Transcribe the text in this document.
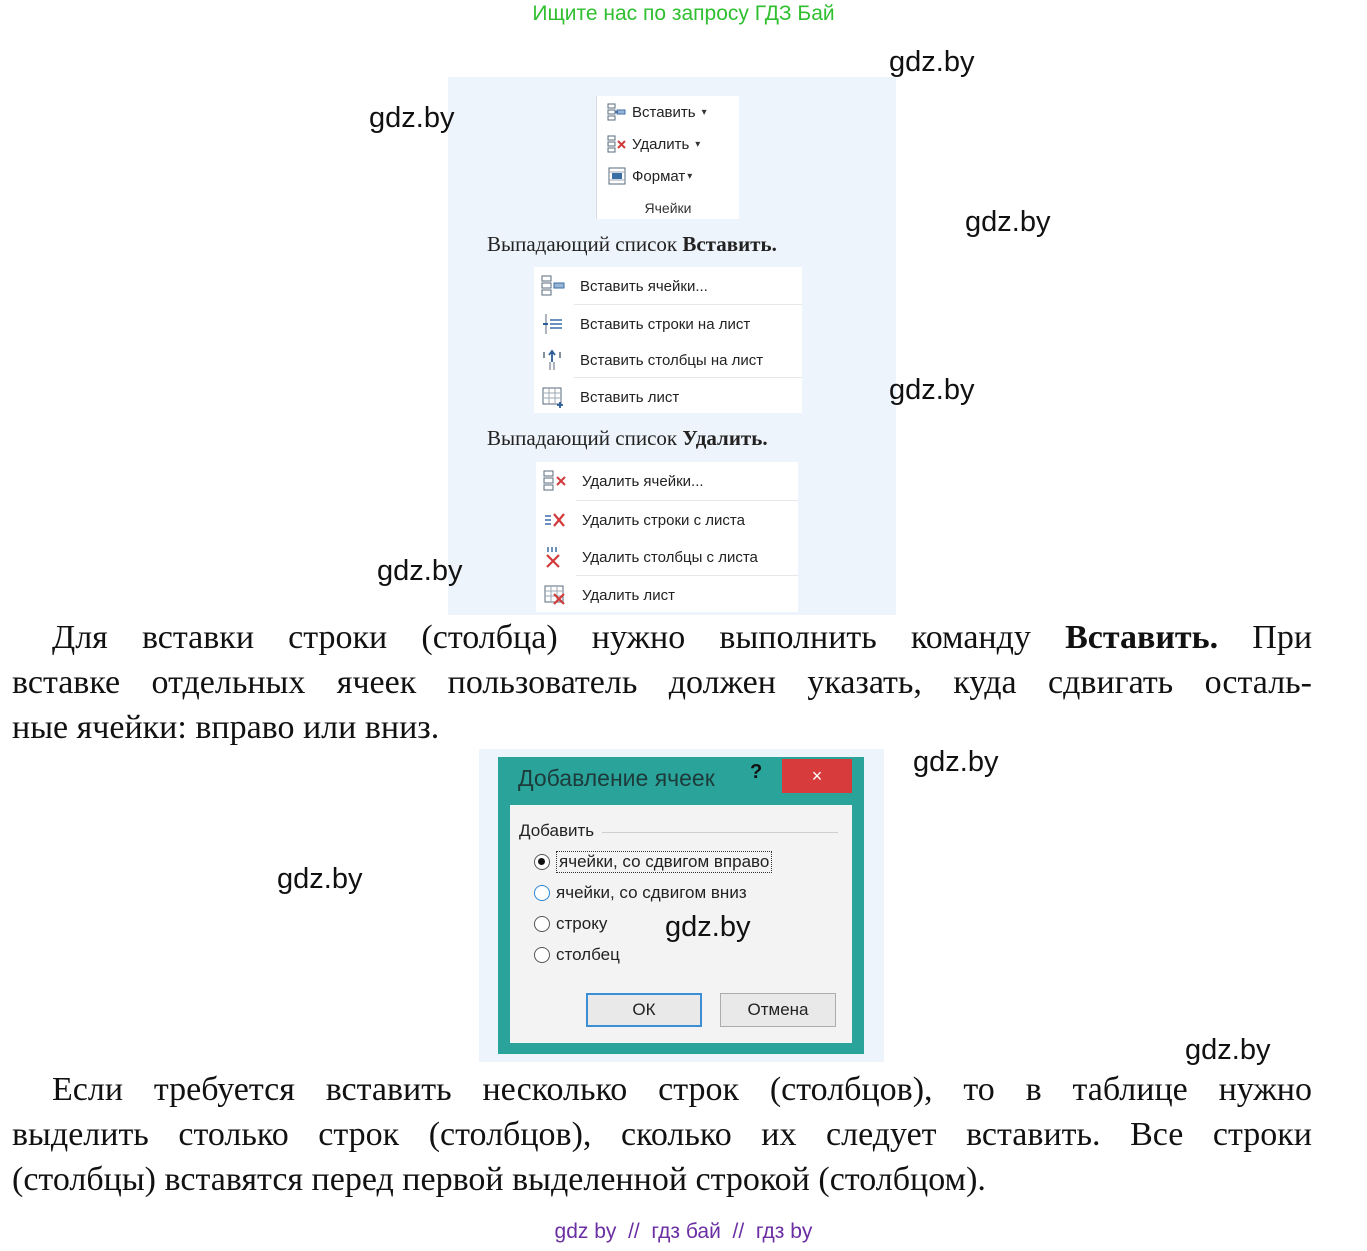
Ищите нас по запросу ГДЗ Бай
Вставить ▾
Удалить ▾
Формат ▾
Ячейки
Выпадающий список Вставить.
Вставить ячейки...
Вставить строки на лист
Вставить столбцы на лист
Вставить лист
Выпадающий список Удалить.
Удалить ячейки...
Удалить строки с листа
Удалить столбцы с листа
Удалить лист
Для вставки строки (столбца) нужно выполнить команду Вставить. При
вставке отдельных ячеек пользователь должен указать, куда сдвигать осталь-
ные ячейки: вправо или вниз.
Добавление ячеек ?	×
Добавить
ячейки, со сдвигом вправо
ячейки, со сдвигом вниз
строку
столбец
ОК	Отмена
Если требуется вставить несколько строк (столбцов), то в таблице нужно
выделить столько строк (столбцов), сколько их следует вставить. Все строки
(столбцы) вставятся перед первой выделенной строкой (столбцом).
gdz.by
gdz.by
gdz.by
gdz.by
gdz.by
gdz.by
gdz.by
gdz.by
gdz.by
gdz by  //  гдз бай  //  гдз by
